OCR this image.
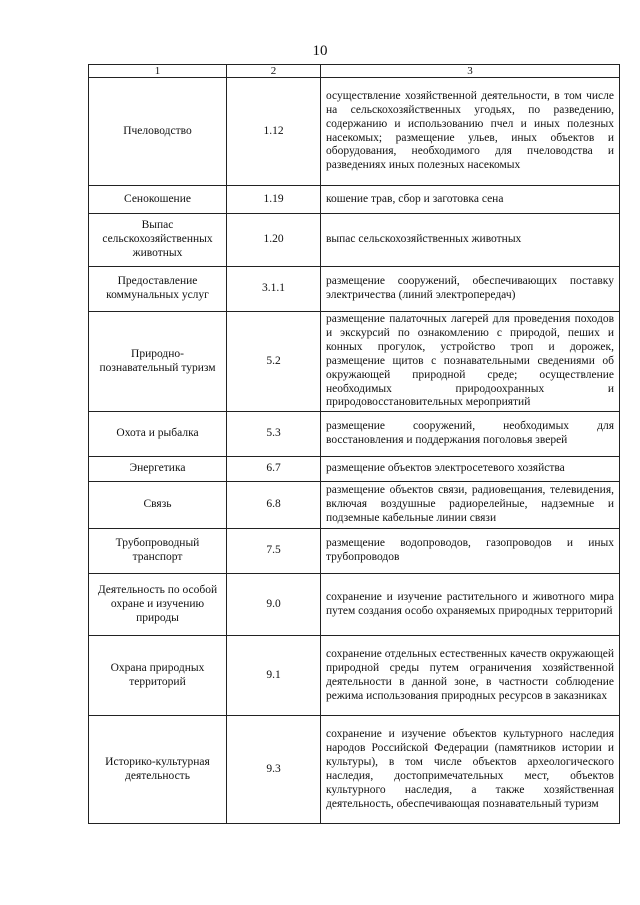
10
1	2	3
Пчеловодство	1.12	осуществление хозяйственной деятельности, в том числе на сельскохозяйственных угодьях, по разведению, содержанию и использованию пчел и иных полезных насекомых; размещение ульев, иных объектов и оборудования, необходимого для пчеловодства и разведениях иных полезных насекомых
Сенокошение	1.19	кошение трав, сбор и заготовка сена
Выпас сельскохозяйственных животных	1.20	выпас сельскохозяйственных животных
Предоставление коммунальных услуг	3.1.1	размещение сооружений, обеспечивающих поставку электричества (линий электропередач)
Природно-познавательный туризм	5.2	размещение палаточных лагерей для проведения походов и экскурсий по ознакомлению с природой, пеших и конных прогулок, устройство троп и дорожек, размещение щитов с познавательными сведениями об окружающей природной среде; осуществление необходимых природоохранных и природовосстановительных мероприятий
Охота и рыбалка	5.3	размещение сооружений, необходимых для восстановления и поддержания поголовья зверей
Энергетика	6.7	размещение объектов электросетевого хозяйства
Связь	6.8	размещение объектов связи, радиовещания, телевидения, включая воздушные радиорелейные, надземные и подземные кабельные линии связи
Трубопроводный транспорт	7.5	размещение водопроводов, газопроводов и иных трубопроводов
Деятельность по особой охране и изучению природы	9.0	сохранение и изучение растительного и животного мира путем создания особо охраняемых природных территорий
Охрана природных территорий	9.1	сохранение отдельных естественных качеств окружающей природной среды путем ограничения хозяйственной деятельности в данной зоне, в частности соблюдение режима использования природных ресурсов в заказниках
Историко-культурная деятельность	9.3	сохранение и изучение объектов культурного наследия народов Российской Федерации (памятников истории и культуры), в том числе объектов археологического наследия, достопримечательных мест, объектов культурного наследия, а также хозяйственная деятельность, обеспечивающая познавательный туризм
